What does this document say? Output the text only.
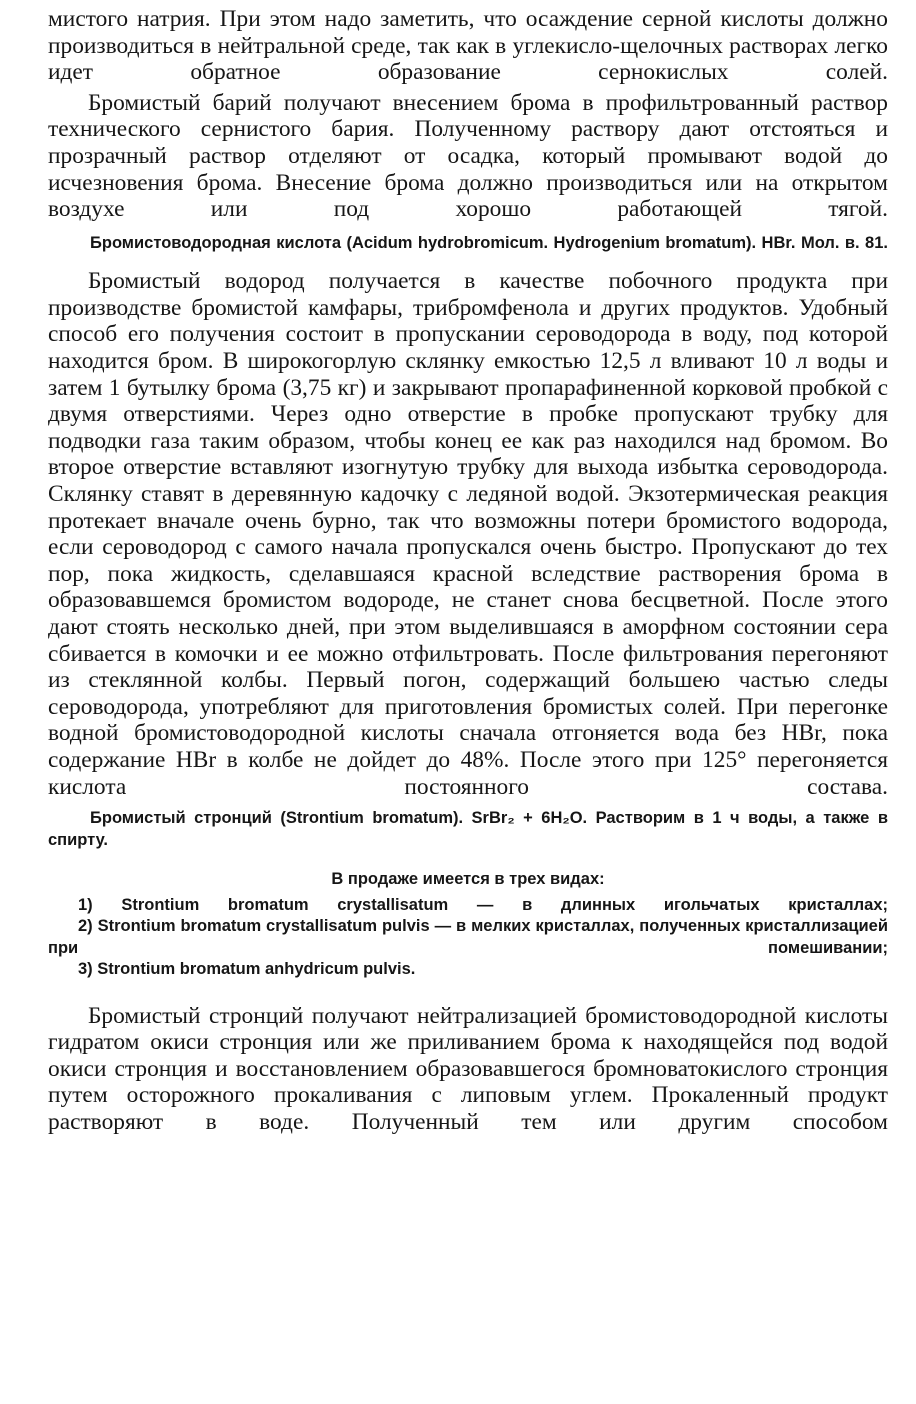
мистого натрия. При этом надо заметить, что осаждение серной кислоты должно производиться в нейтральной среде, так как в углекисло-щелочных растворах легко идет обратное образование сернокислых солей.

Бромистый барий получают внесением брома в профильтрованный раствор технического сернистого бария. Полученному раствору дают отстояться и прозрачный раствор отделяют от осадка, который промывают водой до исчезновения брома. Внесение брома должно производиться или на открытом воздухе или под хорошо работающей тягой.

Бромистоводородная кислота (Acidum hydrobromicum. Hydrogenium bromatum). HBr. Мол. в. 81.

Бромистый водород получается в качестве побочного продукта при производстве бромистой камфары, трибромфенола и других продуктов. Удобный способ его получения состоит в пропускании сероводорода в воду, под которой находится бром. В широкогорлую склянку емкостью 12,5 л вливают 10 л воды и затем 1 бутылку брома (3,75 кг) и закрывают пропарафиненной корковой пробкой с двумя отверстиями. Через одно отверстие в пробке пропускают трубку для подводки газа таким образом, чтобы конец ее как раз находился над бромом. Во второе отверстие вставляют изогнутую трубку для выхода избытка сероводорода. Склянку ставят в деревянную кадочку с ледяной водой. Экзотермическая реакция протекает вначале очень бурно, так что возможны потери бромистого водорода, если сероводород с самого начала пропускался очень быстро. Пропускают до тех пор, пока жидкость, сделавшаяся красной вследствие растворения брома в образовавшемся бромистом водороде, не станет снова бесцветной. После этого дают стоять несколько дней, при этом выделившаяся в аморфном состоянии сера сбивается в комочки и ее можно отфильтровать. После фильтрования перегоняют из стеклянной колбы. Первый погон, содержащий большею частью следы сероводорода, употребляют для приготовления бромистых солей. При перегонке водной бромистоводородной кислоты сначала отгоняется вода без HBr, пока содержание HBr в колбе не дойдет до 48%. После этого при 125° перегоняется кислота постоянного состава.

Бромистый стронций (Strontium bromatum). SrBr₂ + 6H₂O. Растворим в 1 ч воды, а также в спирту.

В продаже имеется в трех видах:

1) Strontium bromatum crystallisatum — в длинных игольчатых кристаллах;

2) Strontium bromatum crystallisatum pulvis — в мелких кристаллах, полученных кристаллизацией при помешивании;

3) Strontium bromatum anhydricum pulvis.

Бромистый стронций получают нейтрализацией бромистоводородной кислоты гидратом окиси стронция или же приливанием брома к находящейся под водой окиси стронция и восстановлением образовавшегося бромноватокислого стронция путем осторожного прокаливания с липовым углем. Прокаленный продукт растворяют в воде. Полученный тем или другим способом
